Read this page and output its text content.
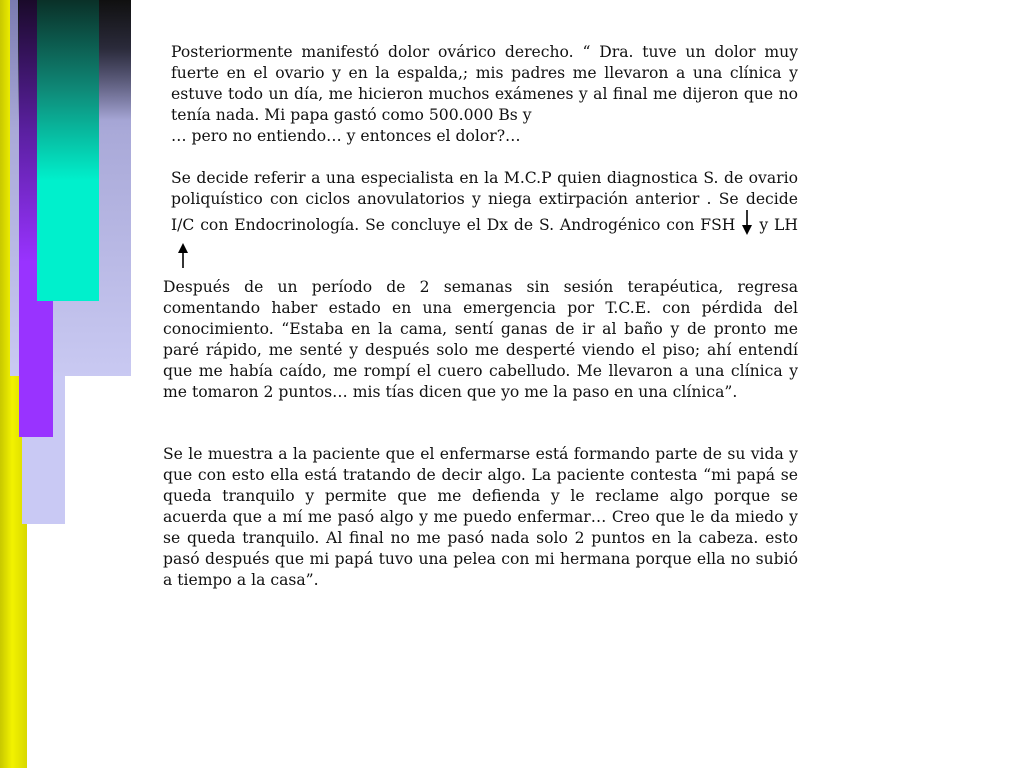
Posteriormente manifestó dolor ovárico derecho. “ Dra. tuve un dolor muy fuerte en el ovario y en la espalda,; mis padres me llevaron a una clínica y estuve todo un día, me hicieron muchos exámenes y al final me dijeron que no tenía nada. Mi papa gastó como 500.000 Bs y
… pero no entiendo… y entonces el dolor?…
Se decide referir a una especialista en la M.C.P quien diagnostica S. de ovario poliquístico con ciclos anovulatorios y niega extirpación anterior . Se decide I/C con Endocrinología. Se concluye el Dx de S. Androgénico con FSH y LH
Después de un período de 2 semanas sin sesión terapéutica, regresa comentando haber estado en una emergencia por T.C.E. con pérdida del conocimiento. “Estaba en la cama, sentí ganas de ir al baño y de pronto me paré rápido, me senté y después solo me desperté viendo el piso; ahí entendí que me había caído, me rompí el cuero cabelludo. Me llevaron a una clínica y me tomaron 2 puntos… mis tías dicen que yo me la paso en una clínica”.
Se le muestra a la paciente que el enfermarse está formando parte de su vida y que con esto ella está tratando de decir algo. La paciente contesta “mi papá se queda tranquilo y permite que me defienda y le reclame algo porque se acuerda que a mí me pasó algo y me puedo enfermar… Creo que le da miedo y se queda tranquilo. Al final no me pasó nada solo 2 puntos en la cabeza. esto pasó después que mi papá tuvo una pelea con mi hermana porque ella no subió a tiempo a la casa”.
